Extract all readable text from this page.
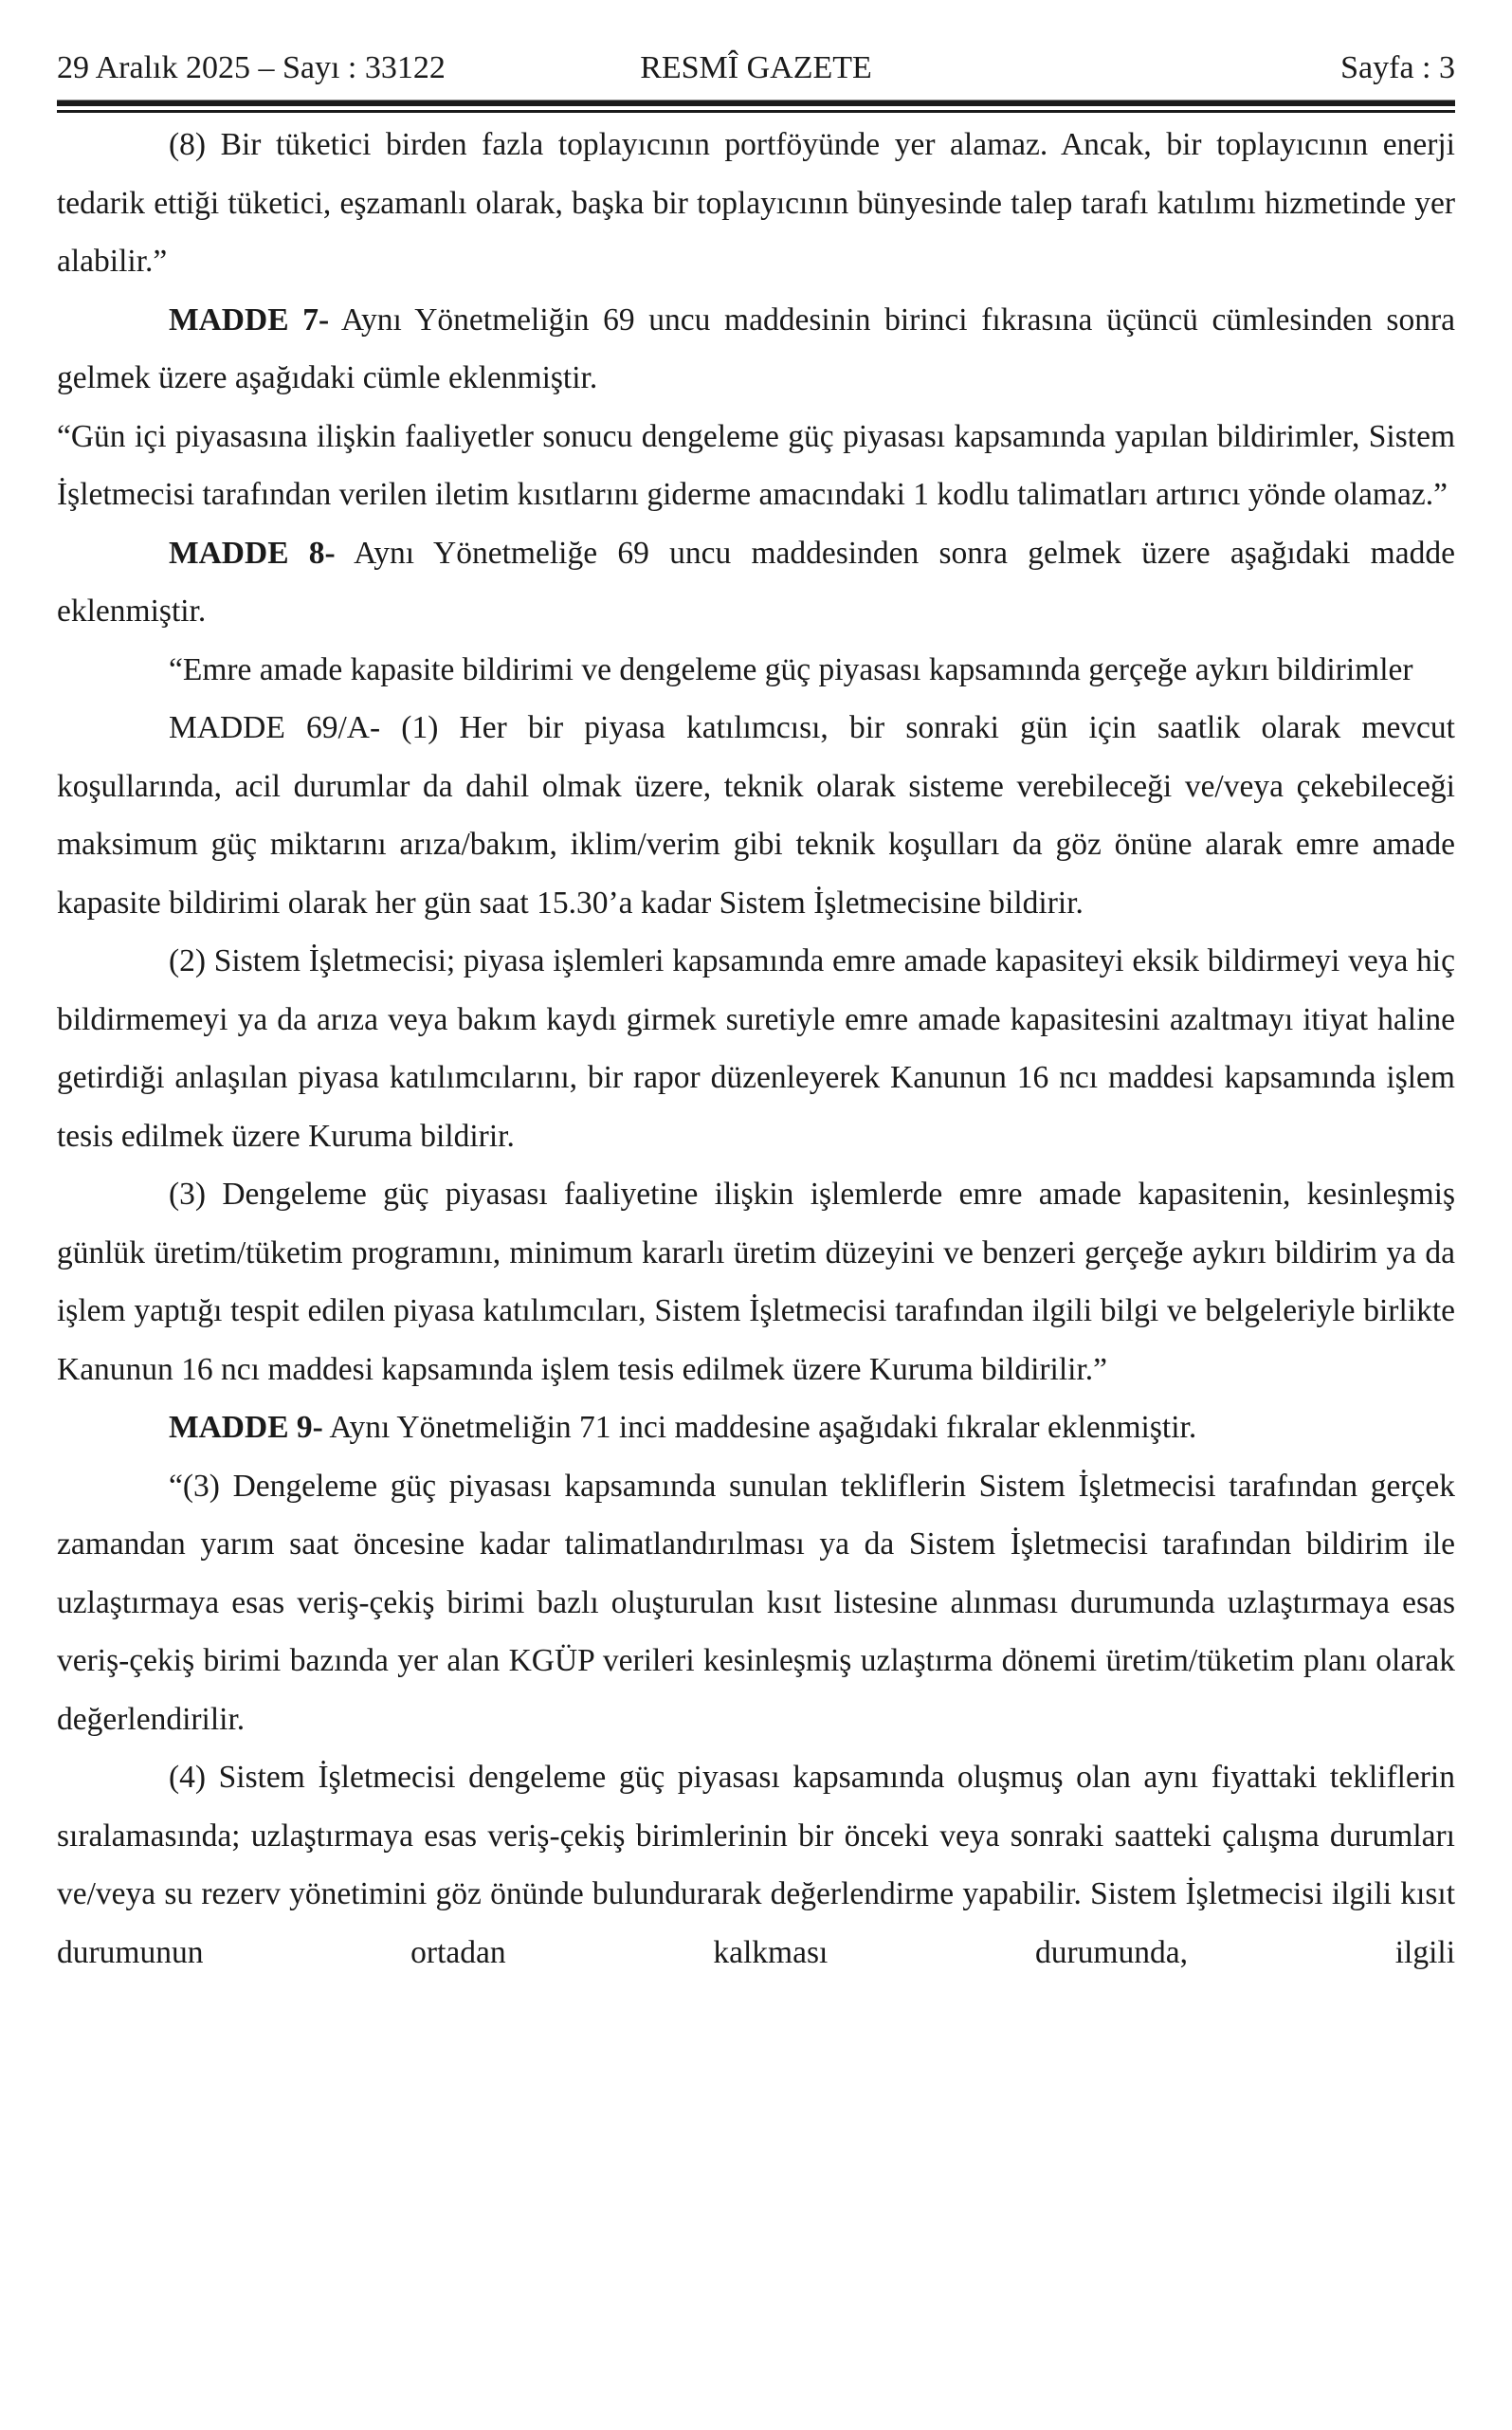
29 Aralık 2025 – Sayı : 33122	RESMÎ GAZETE	Sayfa : 3

(8) Bir tüketici birden fazla toplayıcının portföyünde yer alamaz. Ancak, bir toplayıcının enerji tedarik ettiği tüketici, eşzamanlı olarak, başka bir toplayıcının bünyesinde talep tarafı katılımı hizmetinde yer alabilir.”

MADDE 7- Aynı Yönetmeliğin 69 uncu maddesinin birinci fıkrasına üçüncü cümlesinden sonra gelmek üzere aşağıdaki cümle eklenmiştir.

“Gün içi piyasasına ilişkin faaliyetler sonucu dengeleme güç piyasası kapsamında yapılan bildirimler, Sistem İşletmecisi tarafından verilen iletim kısıtlarını giderme amacındaki 1 kodlu talimatları artırıcı yönde olamaz.”

MADDE 8- Aynı Yönetmeliğe 69 uncu maddesinden sonra gelmek üzere aşağıdaki madde eklenmiştir.

“Emre amade kapasite bildirimi ve dengeleme güç piyasası kapsamında gerçeğe aykırı bildirimler

MADDE 69/A- (1) Her bir piyasa katılımcısı, bir sonraki gün için saatlik olarak mevcut koşullarında, acil durumlar da dahil olmak üzere, teknik olarak sisteme verebileceği ve/veya çekebileceği maksimum güç miktarını arıza/bakım, iklim/verim gibi teknik koşulları da göz önüne alarak emre amade kapasite bildirimi olarak her gün saat 15.30’a kadar Sistem İşletmecisine bildirir.

(2) Sistem İşletmecisi; piyasa işlemleri kapsamında emre amade kapasiteyi eksik bildirmeyi veya hiç bildirmemeyi ya da arıza veya bakım kaydı girmek suretiyle emre amade kapasitesini azaltmayı itiyat haline getirdiği anlaşılan piyasa katılımcılarını, bir rapor düzenleyerek Kanunun 16 ncı maddesi kapsamında işlem tesis edilmek üzere Kuruma bildirir.

(3) Dengeleme güç piyasası faaliyetine ilişkin işlemlerde emre amade kapasitenin, kesinleşmiş günlük üretim/tüketim programını, minimum kararlı üretim düzeyini ve benzeri gerçeğe aykırı bildirim ya da işlem yaptığı tespit edilen piyasa katılımcıları, Sistem İşletmecisi tarafından ilgili bilgi ve belgeleriyle birlikte Kanunun 16 ncı maddesi kapsamında işlem tesis edilmek üzere Kuruma bildirilir.”

MADDE 9- Aynı Yönetmeliğin 71 inci maddesine aşağıdaki fıkralar eklenmiştir.

“(3) Dengeleme güç piyasası kapsamında sunulan tekliflerin Sistem İşletmecisi tarafından gerçek zamandan yarım saat öncesine kadar talimatlandırılması ya da Sistem İşletmecisi tarafından bildirim ile uzlaştırmaya esas veriş-çekiş birimi bazlı oluşturulan kısıt listesine alınması durumunda uzlaştırmaya esas veriş-çekiş birimi bazında yer alan KGÜP verileri kesinleşmiş uzlaştırma dönemi üretim/tüketim planı olarak değerlendirilir.

(4) Sistem İşletmecisi dengeleme güç piyasası kapsamında oluşmuş olan aynı fiyattaki tekliflerin sıralamasında; uzlaştırmaya esas veriş-çekiş birimlerinin bir önceki veya sonraki saatteki çalışma durumları ve/veya su rezerv yönetimini göz önünde bulundurarak değerlendirme yapabilir. Sistem İşletmecisi ilgili kısıt durumunun ortadan kalkması durumunda, ilgili
